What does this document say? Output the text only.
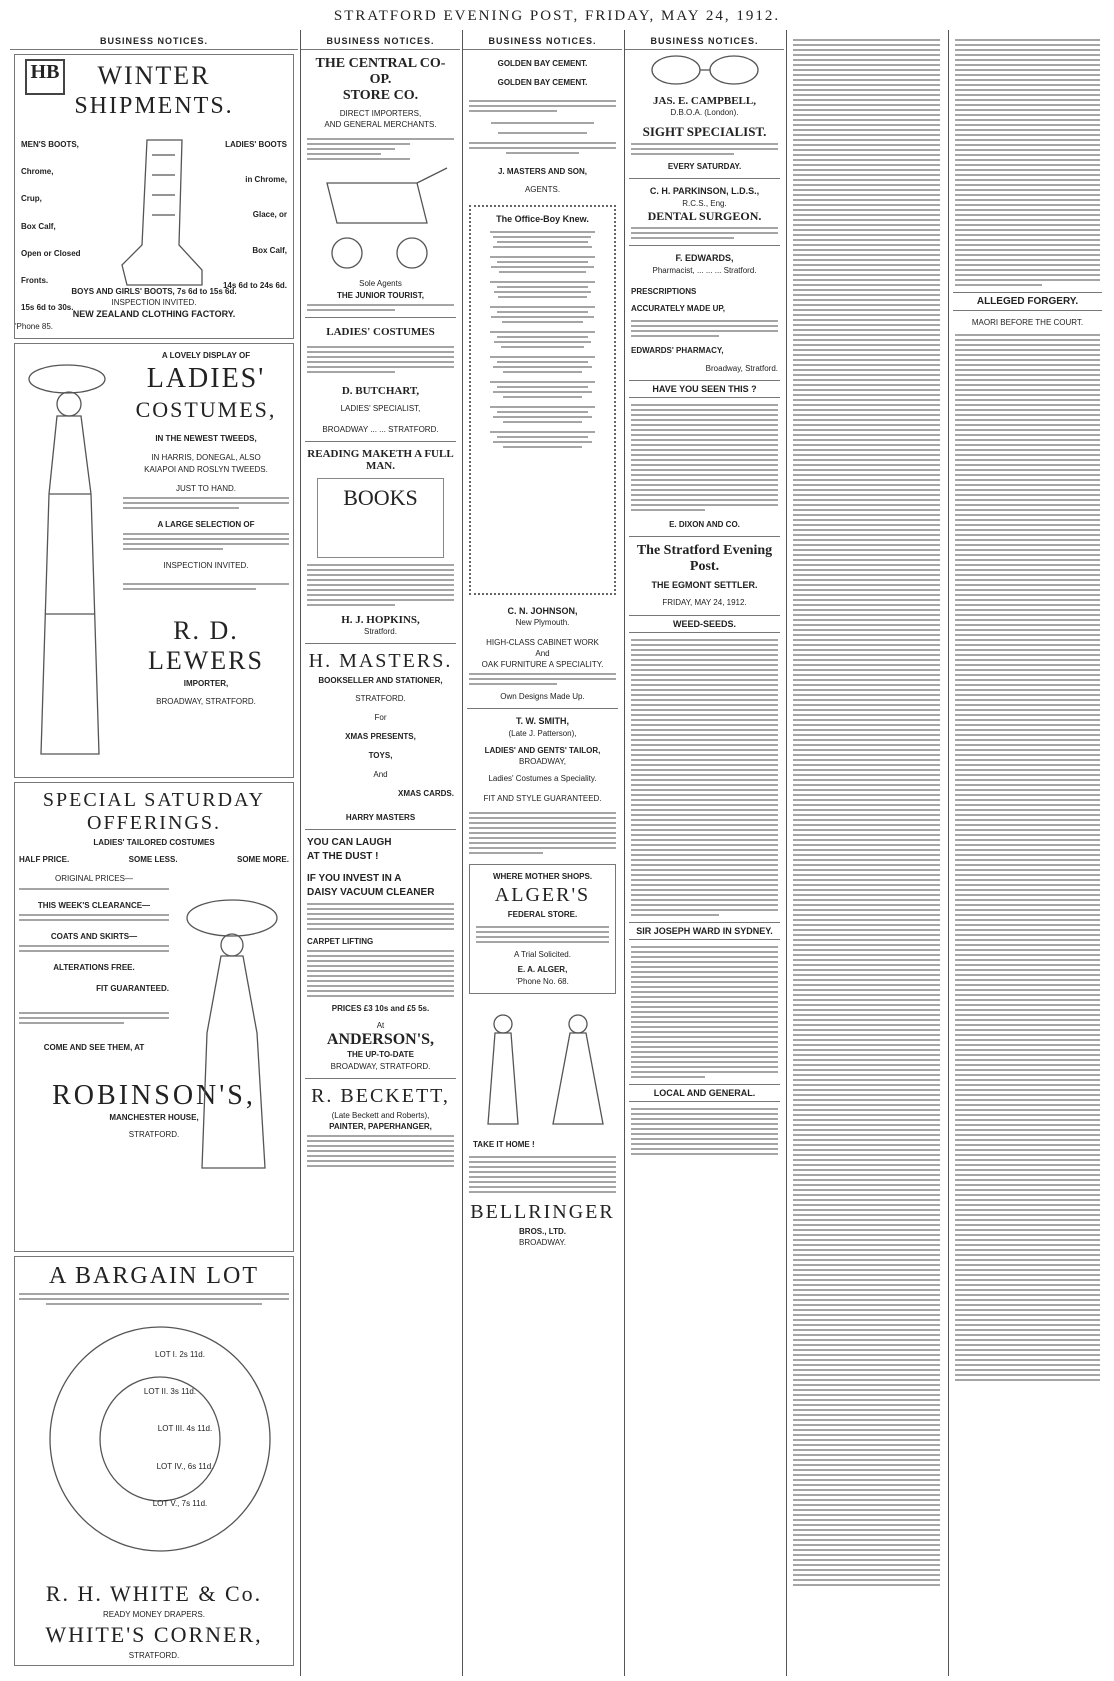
STRATFORD EVENING POST, FRIDAY, MAY 24, 1912.
BUSINESS NOTICES.
HB	WINTER
SHIPMENTS.
MEN'S BOOTS,
Chrome,
Crup,
Box Calf,
Open or Closed
Fronts.
15s 6d to 30s.
LADIES' BOOTS
in Chrome,
Glace, or
Box Calf,
14s 6d to 24s 6d.
BOYS AND GIRLS' BOOTS, 7s 6d to 15s 6d.
INSPECTION INVITED.
NEW ZEALAND CLOTHING FACTORY.
'Phone 85.
A LOVELY DISPLAY OF
LADIES'
COSTUMES,
IN THE NEWEST TWEEDS,
IN HARRIS, DONEGAL, ALSO
KAIAPOI AND ROSLYN TWEEDS.
JUST TO HAND.
A LARGE SELECTION OF
INSPECTION INVITED.
R. D. LEWERS
IMPORTER,
BROADWAY, STRATFORD.
SPECIAL SATURDAY
OFFERINGS.
LADIES' TAILORED COSTUMES
HALF PRICE.	SOME LESS.	SOME MORE.
ORIGINAL PRICES—
THIS WEEK'S CLEARANCE—
COATS AND SKIRTS—
ALTERATIONS FREE.
FIT GUARANTEED.
COME AND SEE THEM, AT
ROBINSON'S,
MANCHESTER HOUSE,
STRATFORD.
A BARGAIN LOT
LOT I. 2s 11d.
LOT II. 3s 11d.
LOT III. 4s 11d.
LOT IV., 6s 11d.
LOT V., 7s 11d.
R. H. WHITE & Co.
READY MONEY DRAPERS.
WHITE'S CORNER,
STRATFORD.
BUSINESS NOTICES.
THE CENTRAL CO-OP.
STORE CO.
DIRECT IMPORTERS,
AND GENERAL MERCHANTS.
Sole Agents
THE JUNIOR TOURIST,
LADIES' COSTUMES
D. BUTCHART,
LADIES' SPECIALIST,
BROADWAY ... ... STRATFORD.
READING MAKETH A FULL MAN.
BOOKS
H. J. HOPKINS,
Stratford.
H. MASTERS.
BOOKSELLER AND STATIONER,
STRATFORD.
For
XMAS PRESENTS,
TOYS,
And
XMAS CARDS.
HARRY MASTERS
YOU CAN LAUGH
AT THE DUST !
IF YOU INVEST IN A
DAISY VACUUM CLEANER
CARPET LIFTING
PRICES £3 10s and £5 5s.
At
ANDERSON'S,
THE UP-TO-DATE
BROADWAY, STRATFORD.
R. BECKETT,
(Late Beckett and Roberts),
PAINTER, PAPERHANGER,
BUSINESS NOTICES.
GOLDEN BAY CEMENT.
GOLDEN BAY CEMENT.
J. MASTERS AND SON,
AGENTS.
The Office-Boy Knew.
C. N. JOHNSON,
New Plymouth.
HIGH-CLASS CABINET WORK
And
OAK FURNITURE A SPECIALITY.
Own Designs Made Up.
T. W. SMITH,
(Late J. Patterson),
LADIES' AND GENTS' TAILOR,
BROADWAY,
Ladies' Costumes a Speciality.
FIT AND STYLE GUARANTEED.
WHERE MOTHER SHOPS.
ALGER'S
FEDERAL STORE.
A Trial Solicited.
E. A. ALGER,
'Phone No. 68.
TAKE IT HOME !
BELLRINGER
BROS., LTD.
BROADWAY.
BUSINESS NOTICES.
JAS. E. CAMPBELL,
D.B.O.A. (London).
SIGHT SPECIALIST.
EVERY SATURDAY.
C. H. PARKINSON, L.D.S.,
R.C.S., Eng.
DENTAL SURGEON.
F. EDWARDS,
Pharmacist, ... ... ... Stratford.
PRESCRIPTIONS
ACCURATELY MADE UP,
EDWARDS' PHARMACY,
Broadway, Stratford.
HAVE YOU SEEN THIS ?
E. DIXON AND CO.
The Stratford Evening Post.
THE EGMONT SETTLER.
FRIDAY, MAY 24, 1912.
WEED-SEEDS.
SIR JOSEPH WARD IN SYDNEY.
LOCAL AND GENERAL.
ALLEGED FORGERY.
MAORI BEFORE THE COURT.
